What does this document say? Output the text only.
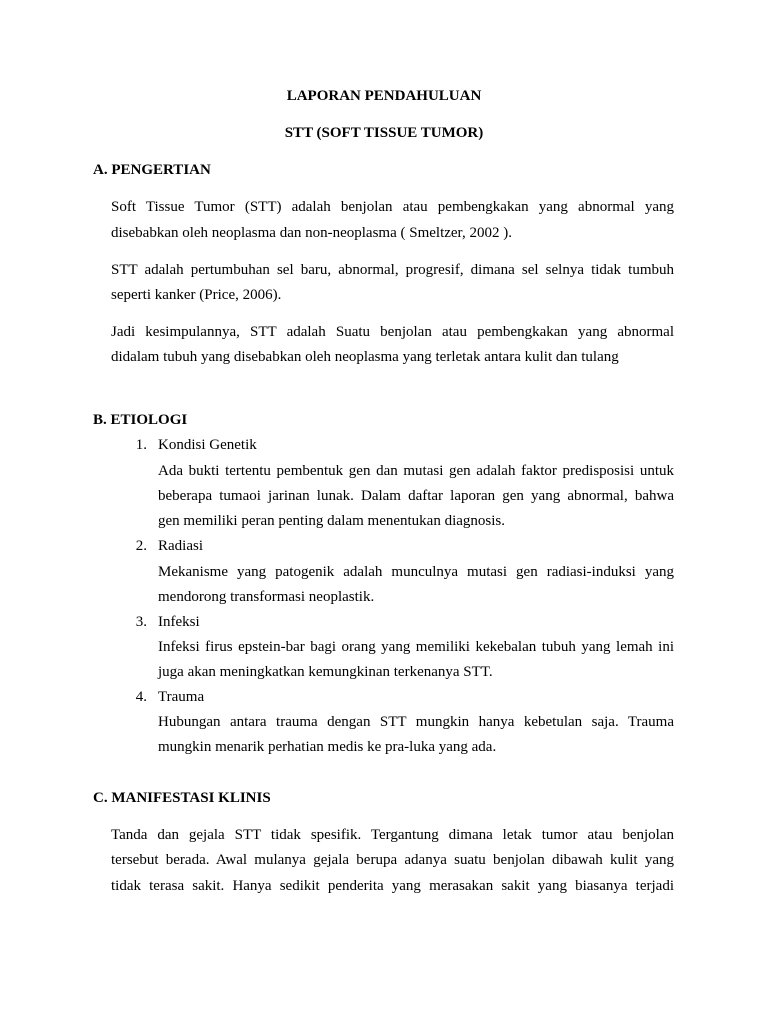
LAPORAN PENDAHULUAN
STT (SOFT TISSUE TUMOR)
A. PENGERTIAN
Soft Tissue Tumor (STT) adalah benjolan atau pembengkakan yang abnormal yang
disebabkan oleh neoplasma dan non-neoplasma ( Smeltzer, 2002 ).
STT adalah pertumbuhan sel baru, abnormal, progresif, dimana sel selnya tidak tumbuh
seperti kanker (Price, 2006).
Jadi kesimpulannya, STT adalah Suatu benjolan atau pembengkakan yang abnormal
didalam tubuh yang disebabkan oleh neoplasma yang terletak antara kulit dan tulang
B. ETIOLOGI
1. Kondisi Genetik
Ada bukti tertentu pembentuk gen dan mutasi gen adalah faktor predisposisi untuk
beberapa tumaoi jarinan lunak. Dalam daftar laporan gen yang abnormal, bahwa
gen memiliki peran penting dalam menentukan diagnosis.
2. Radiasi
Mekanisme yang patogenik adalah munculnya mutasi gen radiasi-induksi yang
mendorong transformasi neoplastik.
3. Infeksi
Infeksi firus epstein-bar bagi orang yang memiliki kekebalan tubuh yang lemah ini
juga akan meningkatkan kemungkinan terkenanya STT.
4. Trauma
Hubungan antara trauma dengan STT mungkin hanya kebetulan saja. Trauma
mungkin menarik perhatian medis ke pra-luka yang ada.
C. MANIFESTASI KLINIS
Tanda dan gejala STT tidak spesifik. Tergantung dimana letak tumor atau benjolan
tersebut berada. Awal mulanya gejala berupa adanya suatu benjolan dibawah kulit yang
tidak terasa sakit. Hanya sedikit penderita yang merasakan sakit yang biasanya terjadi
